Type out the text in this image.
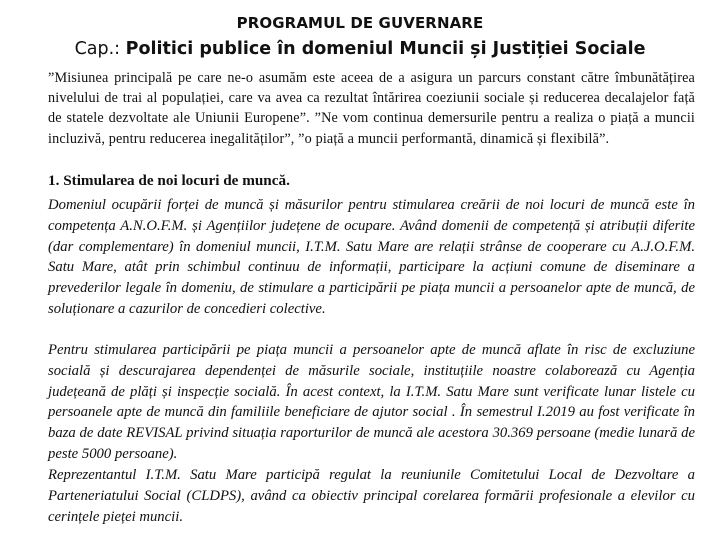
PROGRAMUL DE GUVERNARE
Cap.: Politici publice în domeniul Muncii și Justiției Sociale

”Misiunea principală pe care ne-o asumăm este aceea de a asigura un parcurs constant către îmbunătățirea nivelului de trai al populației, care va avea ca rezultat întărirea coeziunii sociale și reducerea decalajelor față de statele dezvoltate ale Uniunii Europene”. ”Ne vom continua demersurile pentru a realiza o piață a muncii incluzivă, pentru reducerea inegalităților”, ”o piață a muncii performantă, dinamică și flexibilă”.

1. Stimularea de noi locuri de muncă.

Domeniul ocupării forței de muncă și măsurilor pentru stimularea creării de noi locuri de muncă este în competența A.N.O.F.M. și Agențiilor județene de ocupare. Având domenii de competență și atribuții diferite (dar complementare) în domeniul muncii, I.T.M. Satu Mare are relații strânse de cooperare cu A.J.O.F.M. Satu Mare, atât prin schimbul continuu de informații, participare la acțiuni comune de diseminare a prevederilor legale în domeniu, de stimulare a participării pe piața muncii a persoanelor apte de muncă, de soluționare a cazurilor de concedieri colective.

Pentru stimularea participării pe piața muncii a persoanelor apte de muncă aflate în risc de excluziune socială și descurajarea dependenței de măsurile sociale, instituțiile noastre colaborează cu Agenția județeană de plăți și inspecție socială. În acest context, la I.T.M. Satu Mare sunt verificate lunar listele cu persoanele apte de muncă din familiile beneficiare de ajutor social . În semestrul I.2019 au fost verificate în baza de date REVISAL privind situația raporturilor de muncă ale acestora 30.369 persoane (medie lunară de peste 5000 persoane).

Reprezentantul I.T.M. Satu Mare participă regulat la reuniunile Comitetului Local de Dezvoltare a Parteneriatului Social (CLDPS), având ca obiectiv principal corelarea formării profesionale a elevilor cu cerințele pieței muncii.
